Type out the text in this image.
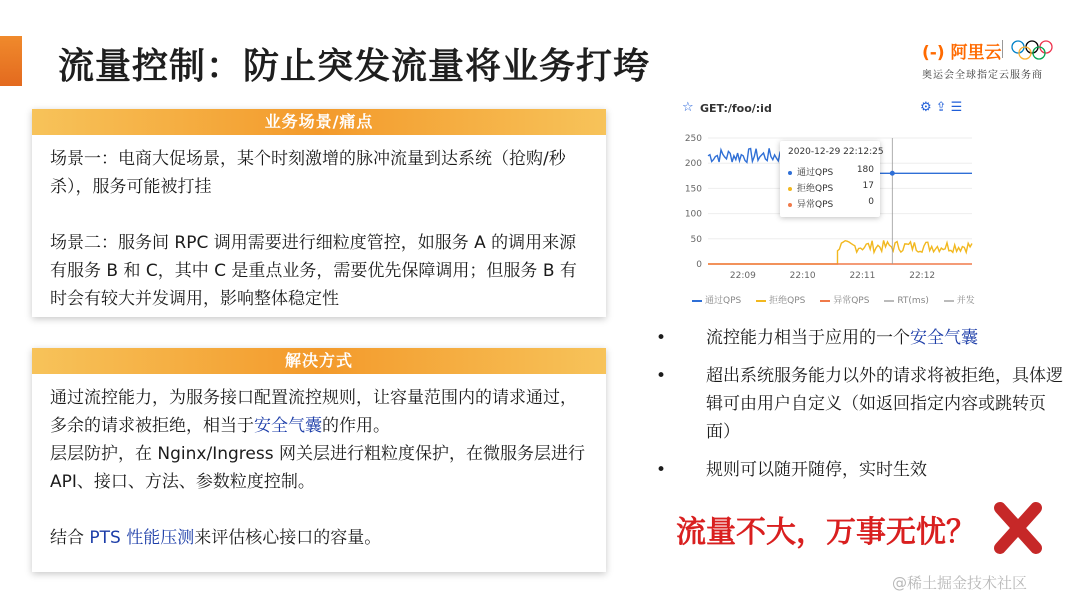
流量控制：防止突发流量将业务打垮	(-) 阿里云
奥运会全球指定云服务商
业务场景/痛点

场景一：电商大促场景，某个时刻激增的脉冲流量到达系统（抢购/秒杀），服务可能被打挂

场景二：服务间 RPC 调用需要进行细粒度管控，如服务 A 的调用来源有服务 B 和 C，其中 C 是重点业务，需要优先保障调用；但服务 B 有时会有较大并发调用，影响整体稳定性

解决方式

通过流控能力，为服务接口配置流控规则，让容量范围内的请求通过，多余的请求被拒绝，相当于安全气囊的作用。

层层防护，在 Nginx/Ingress 网关层进行粗粒度保护，在微服务层进行 API、接口、方法、参数粒度控制。

结合 PTS 性能压测来评估核心接口的容量。

☆ GET:/foo/:id	⚙⇪☰
0
50
100
150
200
250
22:09	22:10	22:11	22:12
2020-12-29 22:12:25
通过QPS	180
拒绝QPS	17
异常QPS	0
通过QPS	拒绝QPS	异常QPS	RT(ms)	并发
• 流控能力相当于应用的一个安全气囊
• 超出系统服务能力以外的请求将被拒绝，具体逻辑可由用户自定义（如返回指定内容或跳转页面）
• 规则可以随开随停，实时生效
流量不大，万事无忧？
@稀土掘金技术社区
